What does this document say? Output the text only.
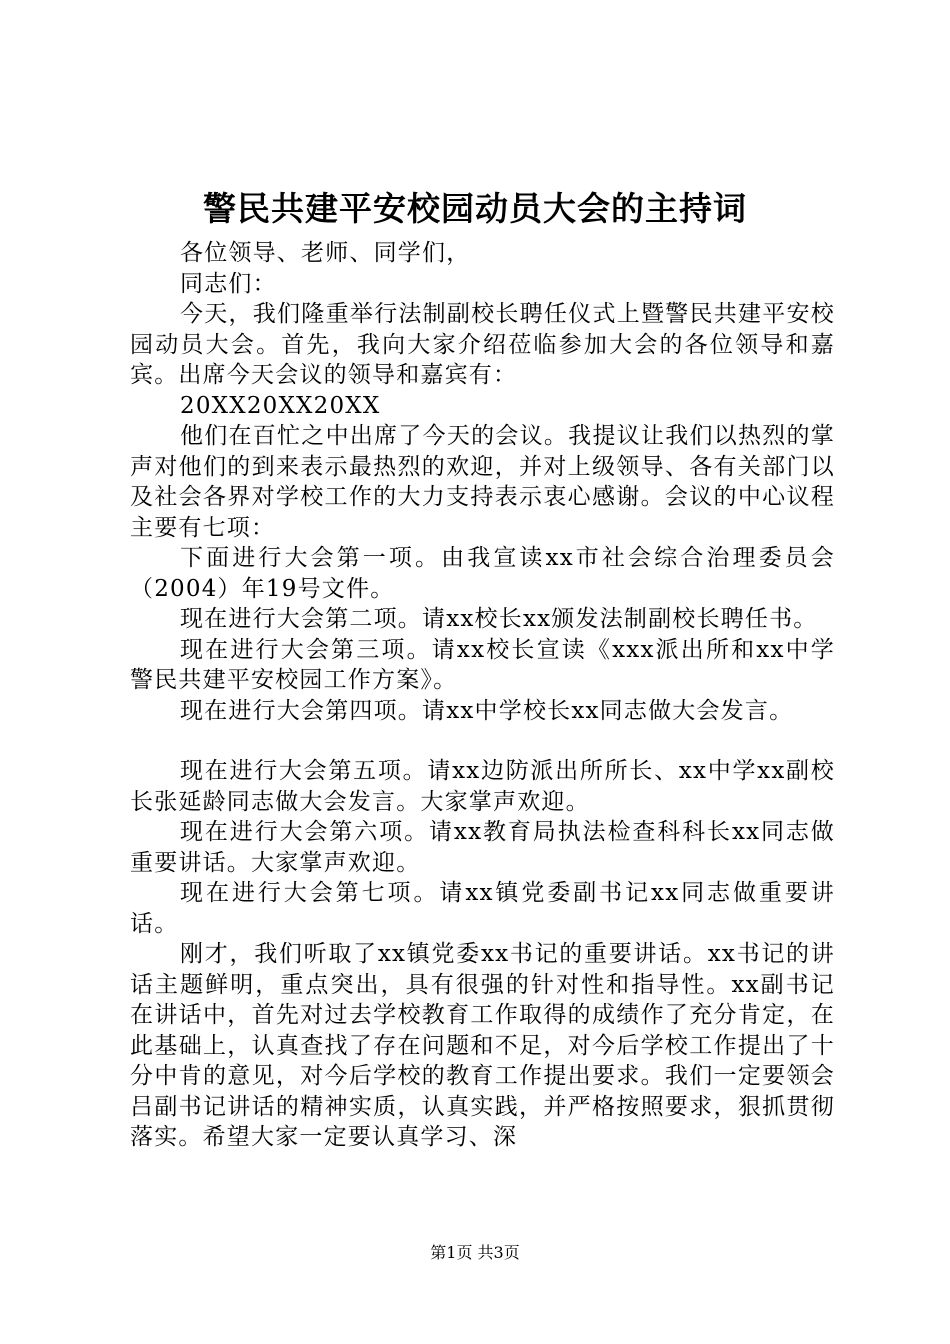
警民共建平安校园动员大会的主持词

各位领导、老师、同学们，

同志们：

今天，我们隆重举行法制副校长聘任仪式上暨警民共建平安校园动员大会。首先，我向大家介绍莅临参加大会的各位领导和嘉宾。出席今天会议的领导和嘉宾有：

20XX20XX20XX

他们在百忙之中出席了今天的会议。我提议让我们以热烈的掌声对他们的到来表示最热烈的欢迎，并对上级领导、各有关部门以及社会各界对学校工作的大力支持表示衷心感谢。会议的中心议程主要有七项：

下面进行大会第一项。由我宣读xx市社会综合治理委员会（2004）年19号文件。

现在进行大会第二项。请xx校长xx颁发法制副校长聘任书。

现在进行大会第三项。请xx校长宣读《xxx派出所和xx中学警民共建平安校园工作方案》。

现在进行大会第四项。请xx中学校长xx同志做大会发言。

现在进行大会第五项。请xx边防派出所所长、xx中学xx副校长张延龄同志做大会发言。大家掌声欢迎。

现在进行大会第六项。请xx教育局执法检查科科长xx同志做重要讲话。大家掌声欢迎。

现在进行大会第七项。请xx镇党委副书记xx同志做重要讲话。

刚才，我们听取了xx镇党委xx书记的重要讲话。xx书记的讲话主题鲜明，重点突出，具有很强的针对性和指导性。xx副书记在讲话中，首先对过去学校教育工作取得的成绩作了充分肯定，在此基础上，认真查找了存在问题和不足，对今后学校工作提出了十分中肯的意见，对今后学校的教育工作提出要求。我们一定要领会吕副书记讲话的精神实质，认真实践，并严格按照要求，狠抓贯彻落实。希望大家一定要认真学习、深

第1页 共3页
